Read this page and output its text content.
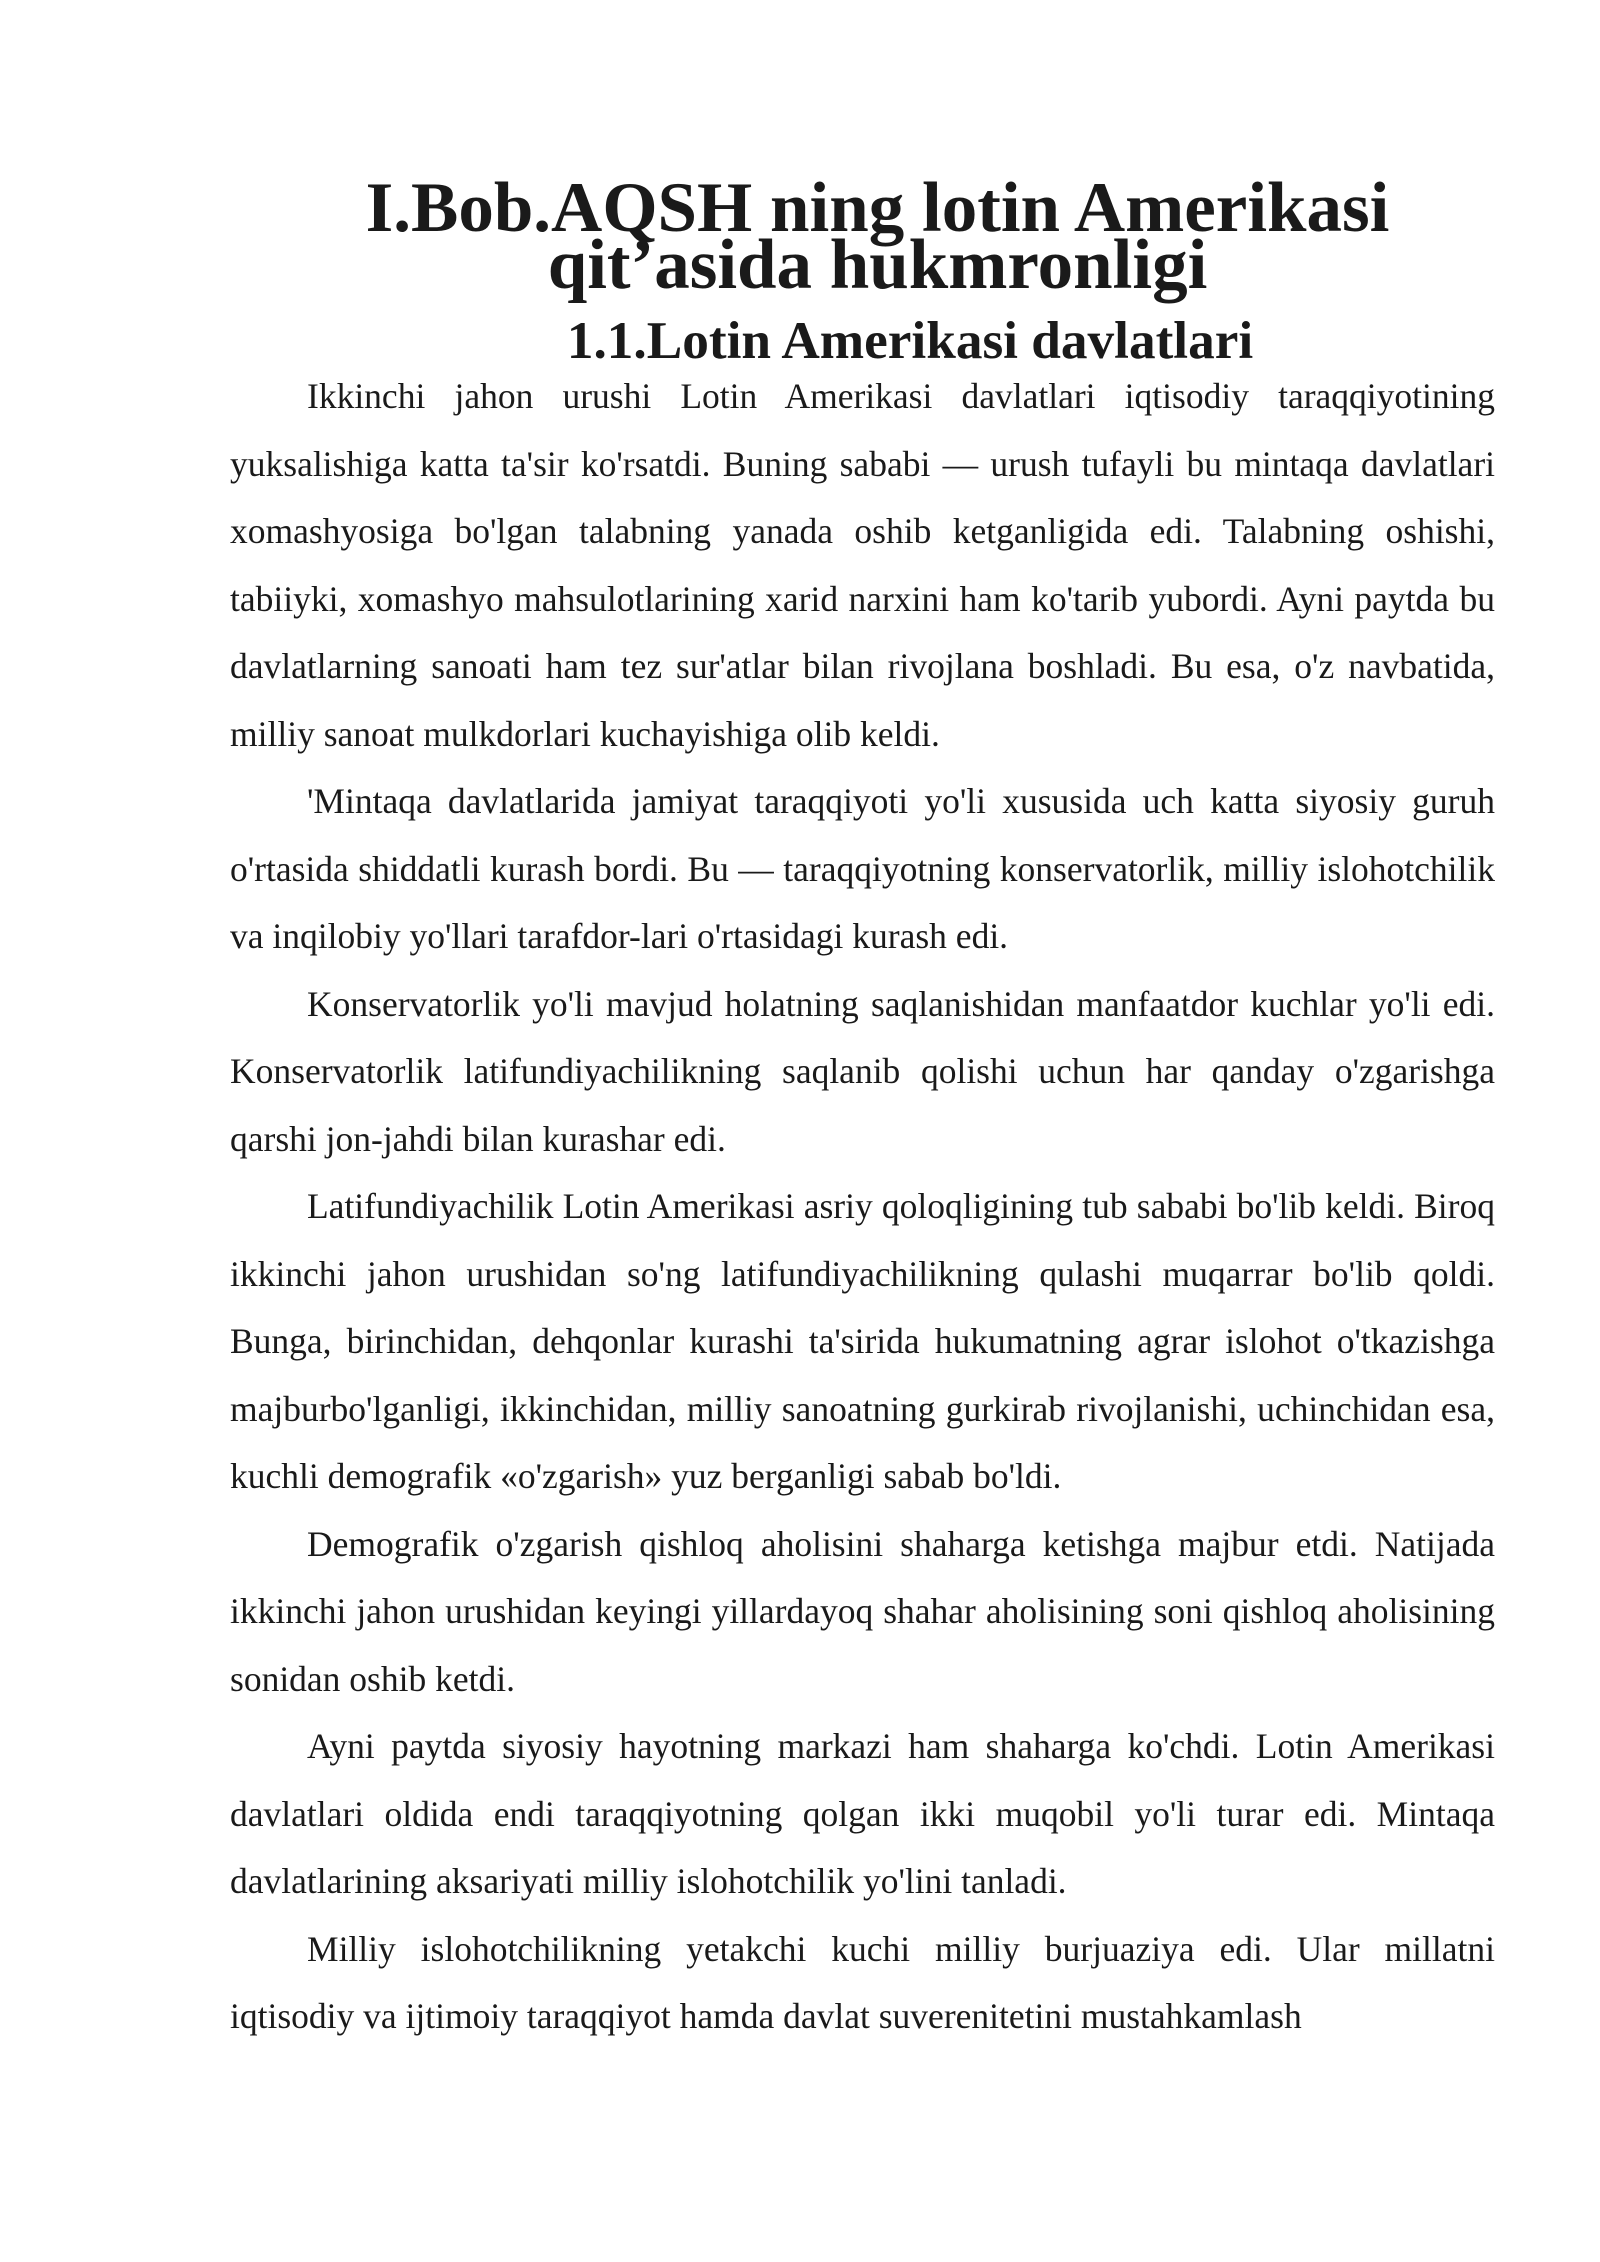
I.Bob.AQSH ning lotin Amerikasi qit’asida hukmronligi
1.1.Lotin Amerikasi davlatlari

Ikkinchi jahon urushi Lotin Amerikasi davlatlari iqtisodiy taraqqiyotining yuksalishiga katta ta'sir ko'rsatdi. Buning sababi — urush tufayli bu mintaqa davlatlari xomashyosiga bo'lgan talabning yanada oshib ketganligida edi. Talabning oshishi, tabiiyki, xomashyo mahsulotlarining xarid narxini ham ko'tarib yubordi. Ayni paytda bu davlatlarning sanoati ham tez sur'atlar bilan rivojlana boshladi. Bu esa, o'z navbatida, milliy sanoat mulkdorlari kuchayishiga olib keldi.

'Mintaqa davlatlarida jamiyat taraqqiyoti yo'li xususida uch katta siyosiy guruh o'rtasida shiddatli kurash bordi. Bu — taraqqiyotning konservatorlik, milliy islohotchilik va inqilobiy yo'llari tarafdor-lari o'rtasidagi kurash edi.

Konservatorlik yo'li mavjud holatning saqlanishidan manfaatdor kuchlar yo'li edi. Konservatorlik latifundiyachilikning saqlanib qolishi uchun har qanday o'zgarishga qarshi jon-jahdi bilan kurashar edi.

Latifundiyachilik Lotin Amerikasi asriy qoloqligining tub sababi bo'lib keldi. Biroq ikkinchi jahon urushidan so'ng latifundiyachilikning qulashi muqarrar bo'lib qoldi. Bunga, birinchidan, dehqonlar kurashi ta'sirida hukumatning agrar islohot o'tkazishga majburbo'lganligi, ikkinchidan, milliy sanoatning gurkirab rivojlanishi, uchinchidan esa, kuchli demografik «o'zgarish» yuz berganligi sabab bo'ldi.

Demografik o'zgarish qishloq aholisini shaharga ketishga majbur etdi. Natijada ikkinchi jahon urushidan keyingi yillardayoq shahar aholisining soni qishloq aholisining sonidan oshib ketdi.

Ayni paytda siyosiy hayotning markazi ham shaharga ko'chdi. Lotin Amerikasi davlatlari oldida endi taraqqiyotning qolgan ikki muqobil yo'li turar edi. Mintaqa davlatlarining aksariyati milliy islohotchilik yo'lini tanladi.

Milliy islohotchilikning yetakchi kuchi milliy burjuaziya edi. Ular millatni iqtisodiy va ijtimoiy taraqqiyot hamda davlat suverenitetini mustahkamlash
